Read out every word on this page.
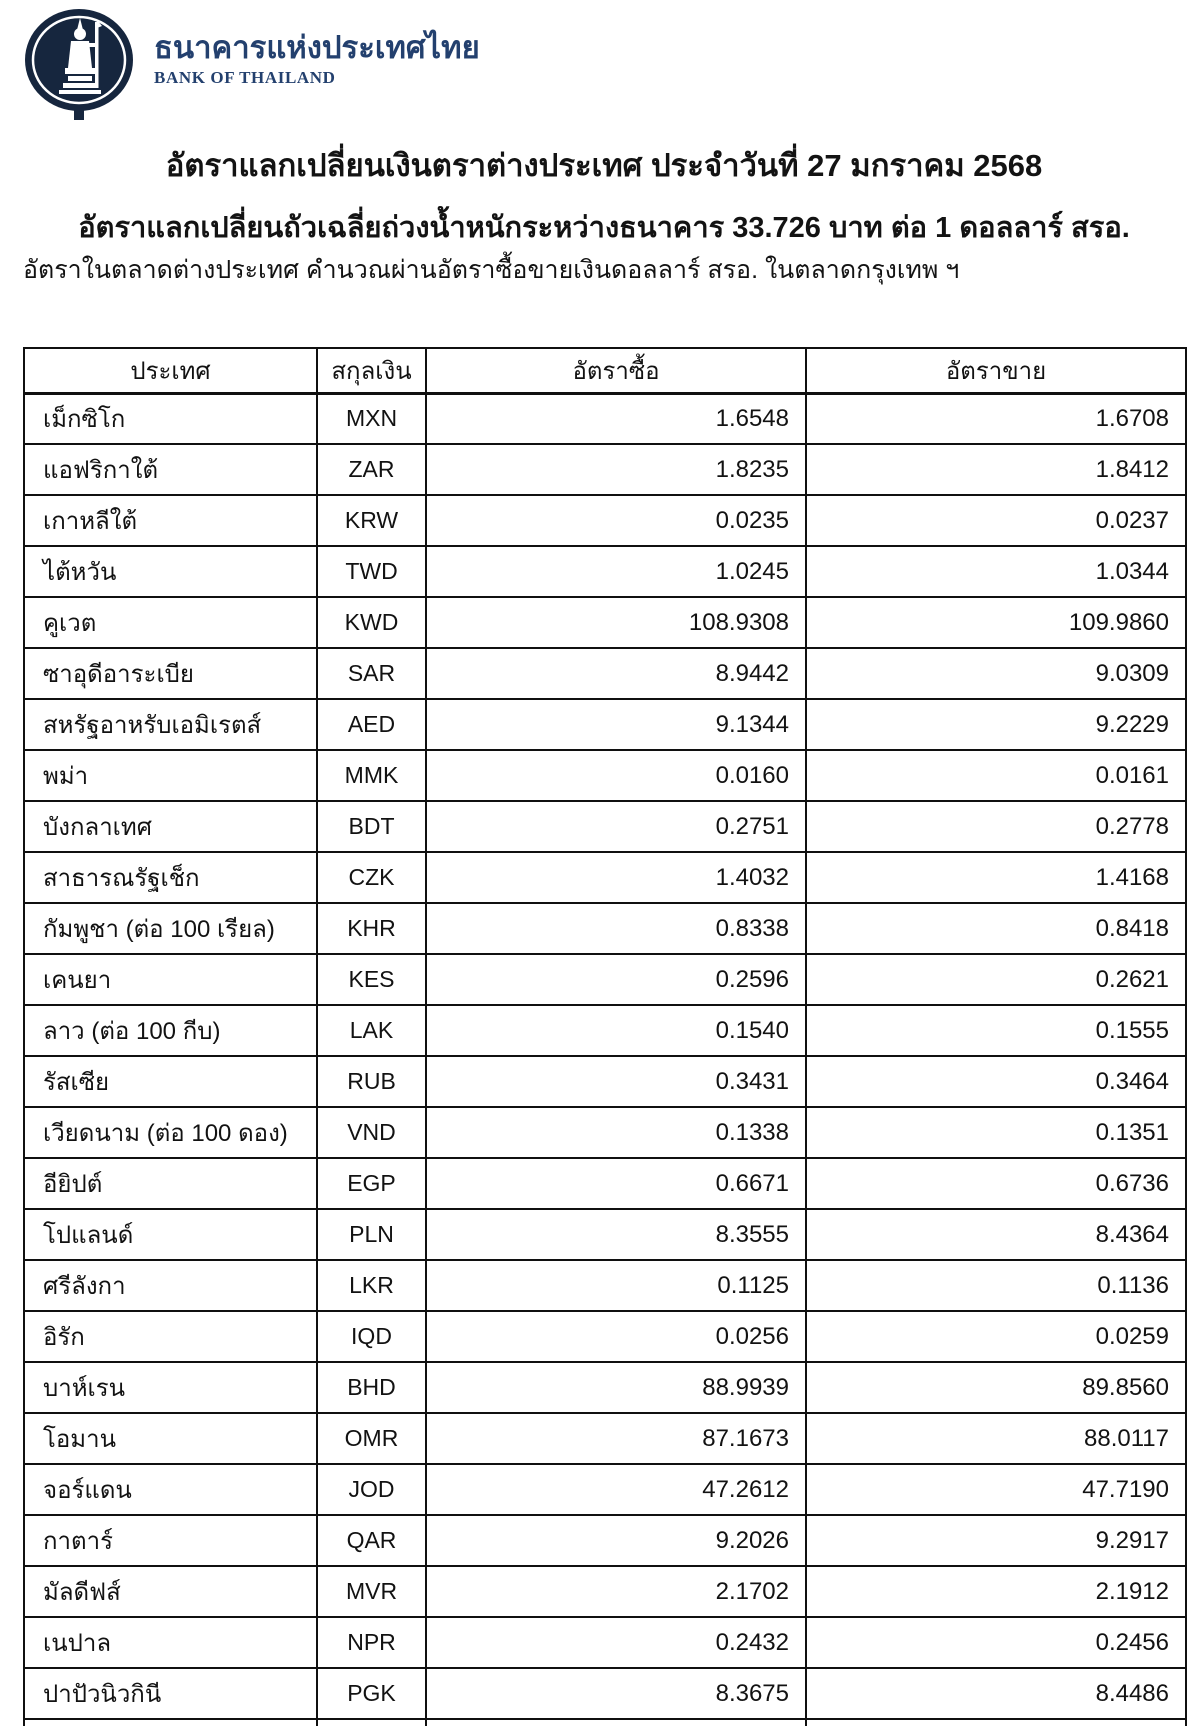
ธนาคารแห่งประเทศไทย
BANK OF THAILAND
อัตราแลกเปลี่ยนเงินตราต่างประเทศ ประจำวันที่ 27 มกราคม 2568
อัตราแลกเปลี่ยนถัวเฉลี่ยถ่วงน้ำหนักระหว่างธนาคาร 33.726 บาท ต่อ 1 ดอลลาร์ สรอ.
อัตราในตลาดต่างประเทศ คำนวณผ่านอัตราซื้อขายเงินดอลลาร์ สรอ. ในตลาดกรุงเทพ ฯ
ประเทศ	สกุลเงิน	อัตราซื้อ	อัตราขาย
เม็กซิโก	MXN	1.6548	1.6708
แอฟริกาใต้	ZAR	1.8235	1.8412
เกาหลีใต้	KRW	0.0235	0.0237
ไต้หวัน	TWD	1.0245	1.0344
คูเวต	KWD	108.9308	109.9860
ซาอุดีอาระเบีย	SAR	8.9442	9.0309
สหรัฐอาหรับเอมิเรตส์	AED	9.1344	9.2229
พม่า	MMK	0.0160	0.0161
บังกลาเทศ	BDT	0.2751	0.2778
สาธารณรัฐเช็ก	CZK	1.4032	1.4168
กัมพูชา (ต่อ 100 เรียล)	KHR	0.8338	0.8418
เคนยา	KES	0.2596	0.2621
ลาว (ต่อ 100 กีบ)	LAK	0.1540	0.1555
รัสเซีย	RUB	0.3431	0.3464
เวียดนาม (ต่อ 100 ดอง)	VND	0.1338	0.1351
อียิปต์	EGP	0.6671	0.6736
โปแลนด์	PLN	8.3555	8.4364
ศรีลังกา	LKR	0.1125	0.1136
อิรัก	IQD	0.0256	0.0259
บาห์เรน	BHD	88.9939	89.8560
โอมาน	OMR	87.1673	88.0117
จอร์แดน	JOD	47.2612	47.7190
กาตาร์	QAR	9.2026	9.2917
มัลดีฟส์	MVR	2.1702	2.1912
เนปาล	NPR	0.2432	0.2456
ปาปัวนิวกินี	PGK	8.3675	8.4486
